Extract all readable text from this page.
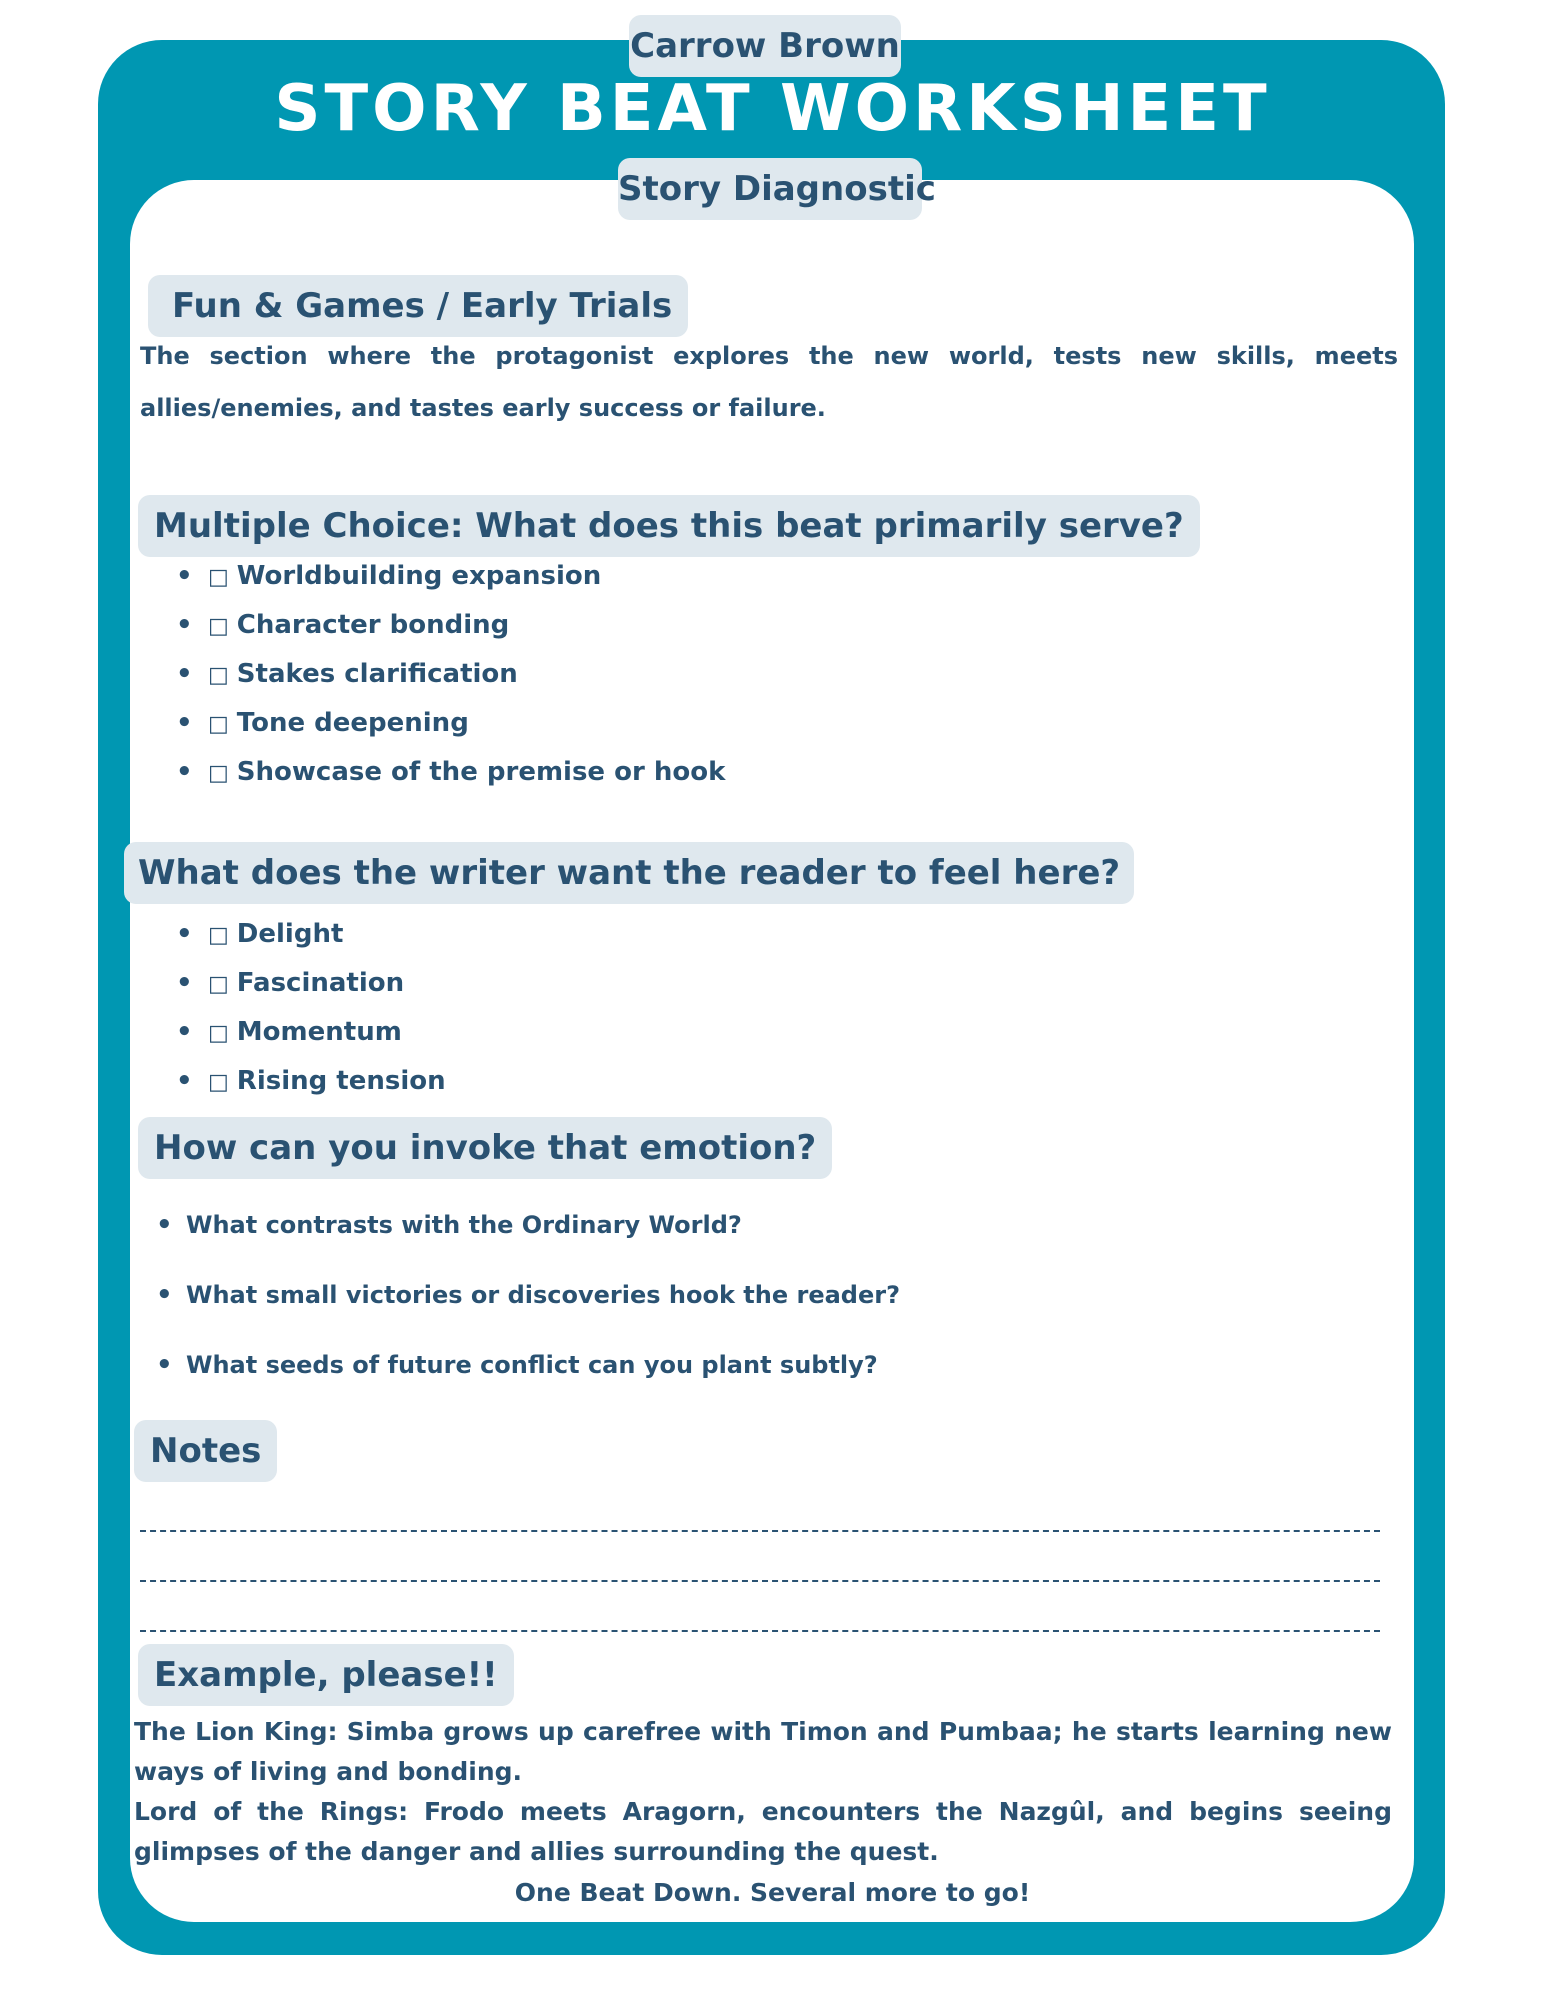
Carrow Brown
STORY BEAT WORKSHEET
Story Diagnostic
Fun & Games / Early Trials
The section where the protagonist explores the new world, tests new skills, meets allies/enemies, and tastes early success or failure.
Multiple Choice: What does this beat primarily serve?
• □ Worldbuilding expansion
• □ Character bonding
• □ Stakes clarification
• □ Tone deepening
• □ Showcase of the premise or hook
What does the writer want the reader to feel here?
• □ Delight
• □ Fascination
• □ Momentum
• □ Rising tension
How can you invoke that emotion?
• What contrasts with the Ordinary World?
• What small victories or discoveries hook the reader?
• What seeds of future conflict can you plant subtly?
Notes
Example, please!!
The Lion King: Simba grows up carefree with Timon and Pumbaa; he starts learning new ways of living and bonding.
Lord of the Rings: Frodo meets Aragorn, encounters the Nazgûl, and begins seeing glimpses of the danger and allies surrounding the quest.
One Beat Down. Several more to go!
